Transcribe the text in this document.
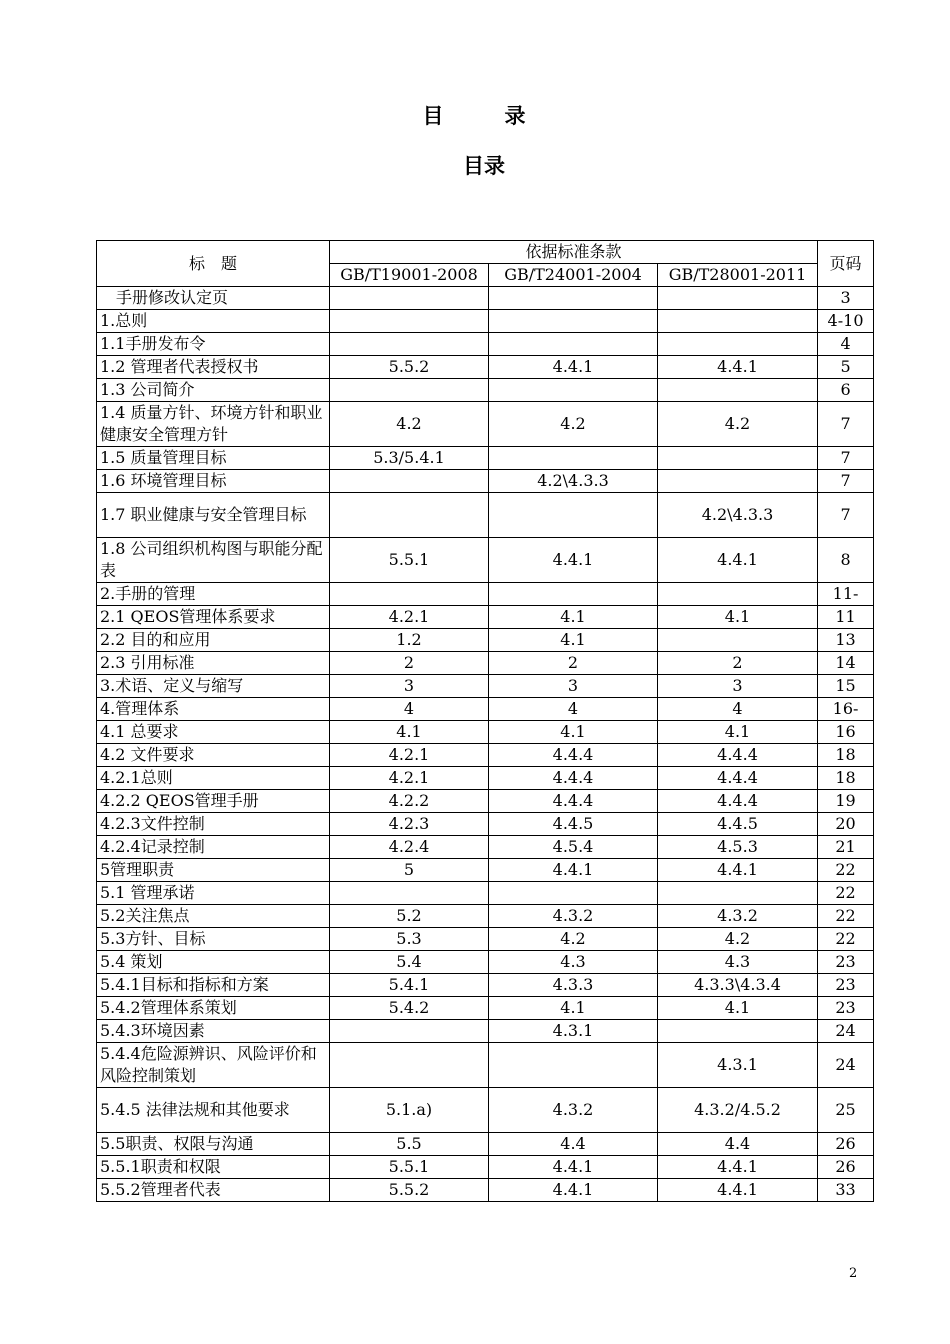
目　录
目录
标　题	依据标准条款			页码
	GB/T19001-2008	GB/T24001-2004	GB/T28001-2011	
　手册修改认定页				3
1.总则				4-10
1.1手册发布令				4
1.2 管理者代表授权书	5.5.2	4.4.1	4.4.1	5
1.3 公司简介				6
1.4 质量方针、环境方针和职业健康安全管理方针	4.2	4.2	4.2	7
1.5 质量管理目标	5.3/5.4.1			7
1.6 环境管理目标		4.2\4.3.3		7
1.7 职业健康与安全管理目标			4.2\4.3.3	7
1.8 公司组织机构图与职能分配表	5.5.1	4.4.1	4.4.1	8
2.手册的管理				11-
2.1 QEOS管理体系要求	4.2.1	4.1	4.1	11
2.2 目的和应用	1.2	4.1		13
2.3 引用标准	2	2	2	14
3.术语、定义与缩写	3	3	3	15
4.管理体系	4	4	4	16-
4.1 总要求	4.1	4.1	4.1	16
4.2 文件要求	4.2.1	4.4.4	4.4.4	18
4.2.1总则	4.2.1	4.4.4	4.4.4	18
4.2.2 QEOS管理手册	4.2.2	4.4.4	4.4.4	19
4.2.3文件控制	4.2.3	4.4.5	4.4.5	20
4.2.4记录控制	4.2.4	4.5.4	4.5.3	21
5管理职责	5	4.4.1	4.4.1	22
5.1 管理承诺				22
5.2关注焦点	5.2	4.3.2	4.3.2	22
5.3方针、目标	5.3	4.2	4.2	22
5.4 策划	5.4	4.3	4.3	23
5.4.1目标和指标和方案	5.4.1	4.3.3	4.3.3\4.3.4	23
5.4.2管理体系策划	5.4.2	4.1	4.1	23
5.4.3环境因素		4.3.1		24
5.4.4危险源辨识、风险评价和风险控制策划			4.3.1	24
5.4.5 法律法规和其他要求	5.1.a)	4.3.2	4.3.2/4.5.2	25
5.5职责、权限与沟通	5.5	4.4	4.4	26
5.5.1职责和权限	5.5.1	4.4.1	4.4.1	26
5.5.2管理者代表	5.5.2	4.4.1	4.4.1	33
2
